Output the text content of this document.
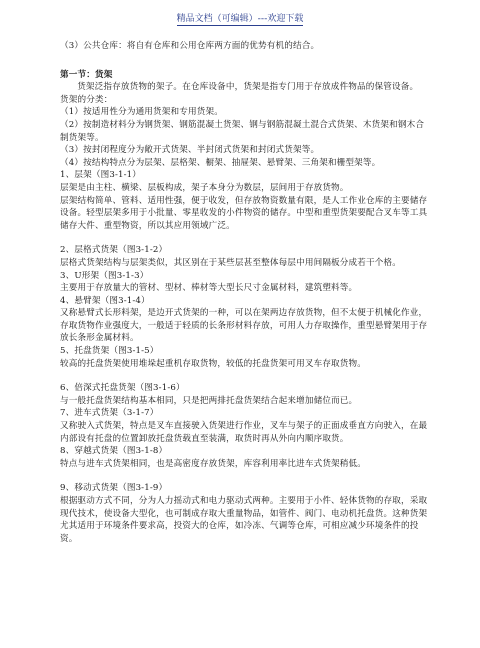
精品文档（可编辑）---欢迎下载

（3）公共仓库：将自有仓库和公用仓库两方面的优势有机的结合。

第一节：货架

货架泛指存放货物的架子。在仓库设备中，货架是指专门用于存放成件物品的保管设备。

货架的分类：

（1）按适用性分为通用货架和专用货架。

（2）按制造材料分为钢货架、钢筋混凝土货架、钢与钢筋混凝土混合式货架、木货架和钢木合制货架等。

（3）按封闭程度分为敞开式货架、半封闭式货架和封闭式货架等。

（4）按结构特点分为层架、层格架、橱架、抽屉架、悬臂架、三角架和栅型架等。

1、层架（图3-1-1）

层架是由主柱、横梁、层板构成，架子本身分为数层，层间用于存放货物。

层架结构简单、管料、适用性强，便于收发，但存放物资数量有限，是人工作业仓库的主要储存设备。轻型层架多用于小批量、零星收发的小件物资的储存。中型和重型货架要配合叉车等工具储存大件、重型物资，所以其应用领域广泛。

2、层格式货架（图3-1-2）

层格式货架结构与层架类似，其区别在于某些层甚至整体每层中用间隔板分成若干个格。

3、U形架（图3-1-3）

主要用于存放量大的管材、型材、棒材等大型长尺寸金属材料，建筑塑料等。

4、悬臂架（图3-1-4）

又称悬臂式长形料架，是边开式货架的一种，可以在架两边存放货物，但不太便于机械化作业，存取货物作业强度大，一般适于轻质的长条形材料存放，可用人力存取操作，重型悬臂架用于存放长条形金属材料。

5、托盘货架（图3-1-5）

较高的托盘货架使用堆垛起重机存取货物，较低的托盘货架可用叉车存取货物。

6、倍深式托盘货架（图3-1-6）

与一般托盘货架结构基本相同，只是把两排托盘货架结合起来增加储位而已。

7、进车式货架（3-1-7）

又称驶入式货架，特点是叉车直接驶入货架进行作业，叉车与架子的正面成垂直方向驶入，在最内部设有托盘的位置卸放托盘货载直至装满，取货时再从外向内顺序取货。

8、穿越式货架（图3-1-8）

特点与进车式货架相同，也是高密度存放货架，库容利用率比进车式货架稍低。

9、移动式货架（图3-1-9）

根据驱动方式不同，分为人力摇动式和电力驱动式两种。主要用于小件、轻体货物的存取，采取现代技术，使设备大型化，也可制成存取大重量物品，如管件、阀门、电动机托盘货。这种货架尤其适用于环境条件要求高，投资大的仓库，如冷冻、气调等仓库，可相应减少环境条件的投资。
